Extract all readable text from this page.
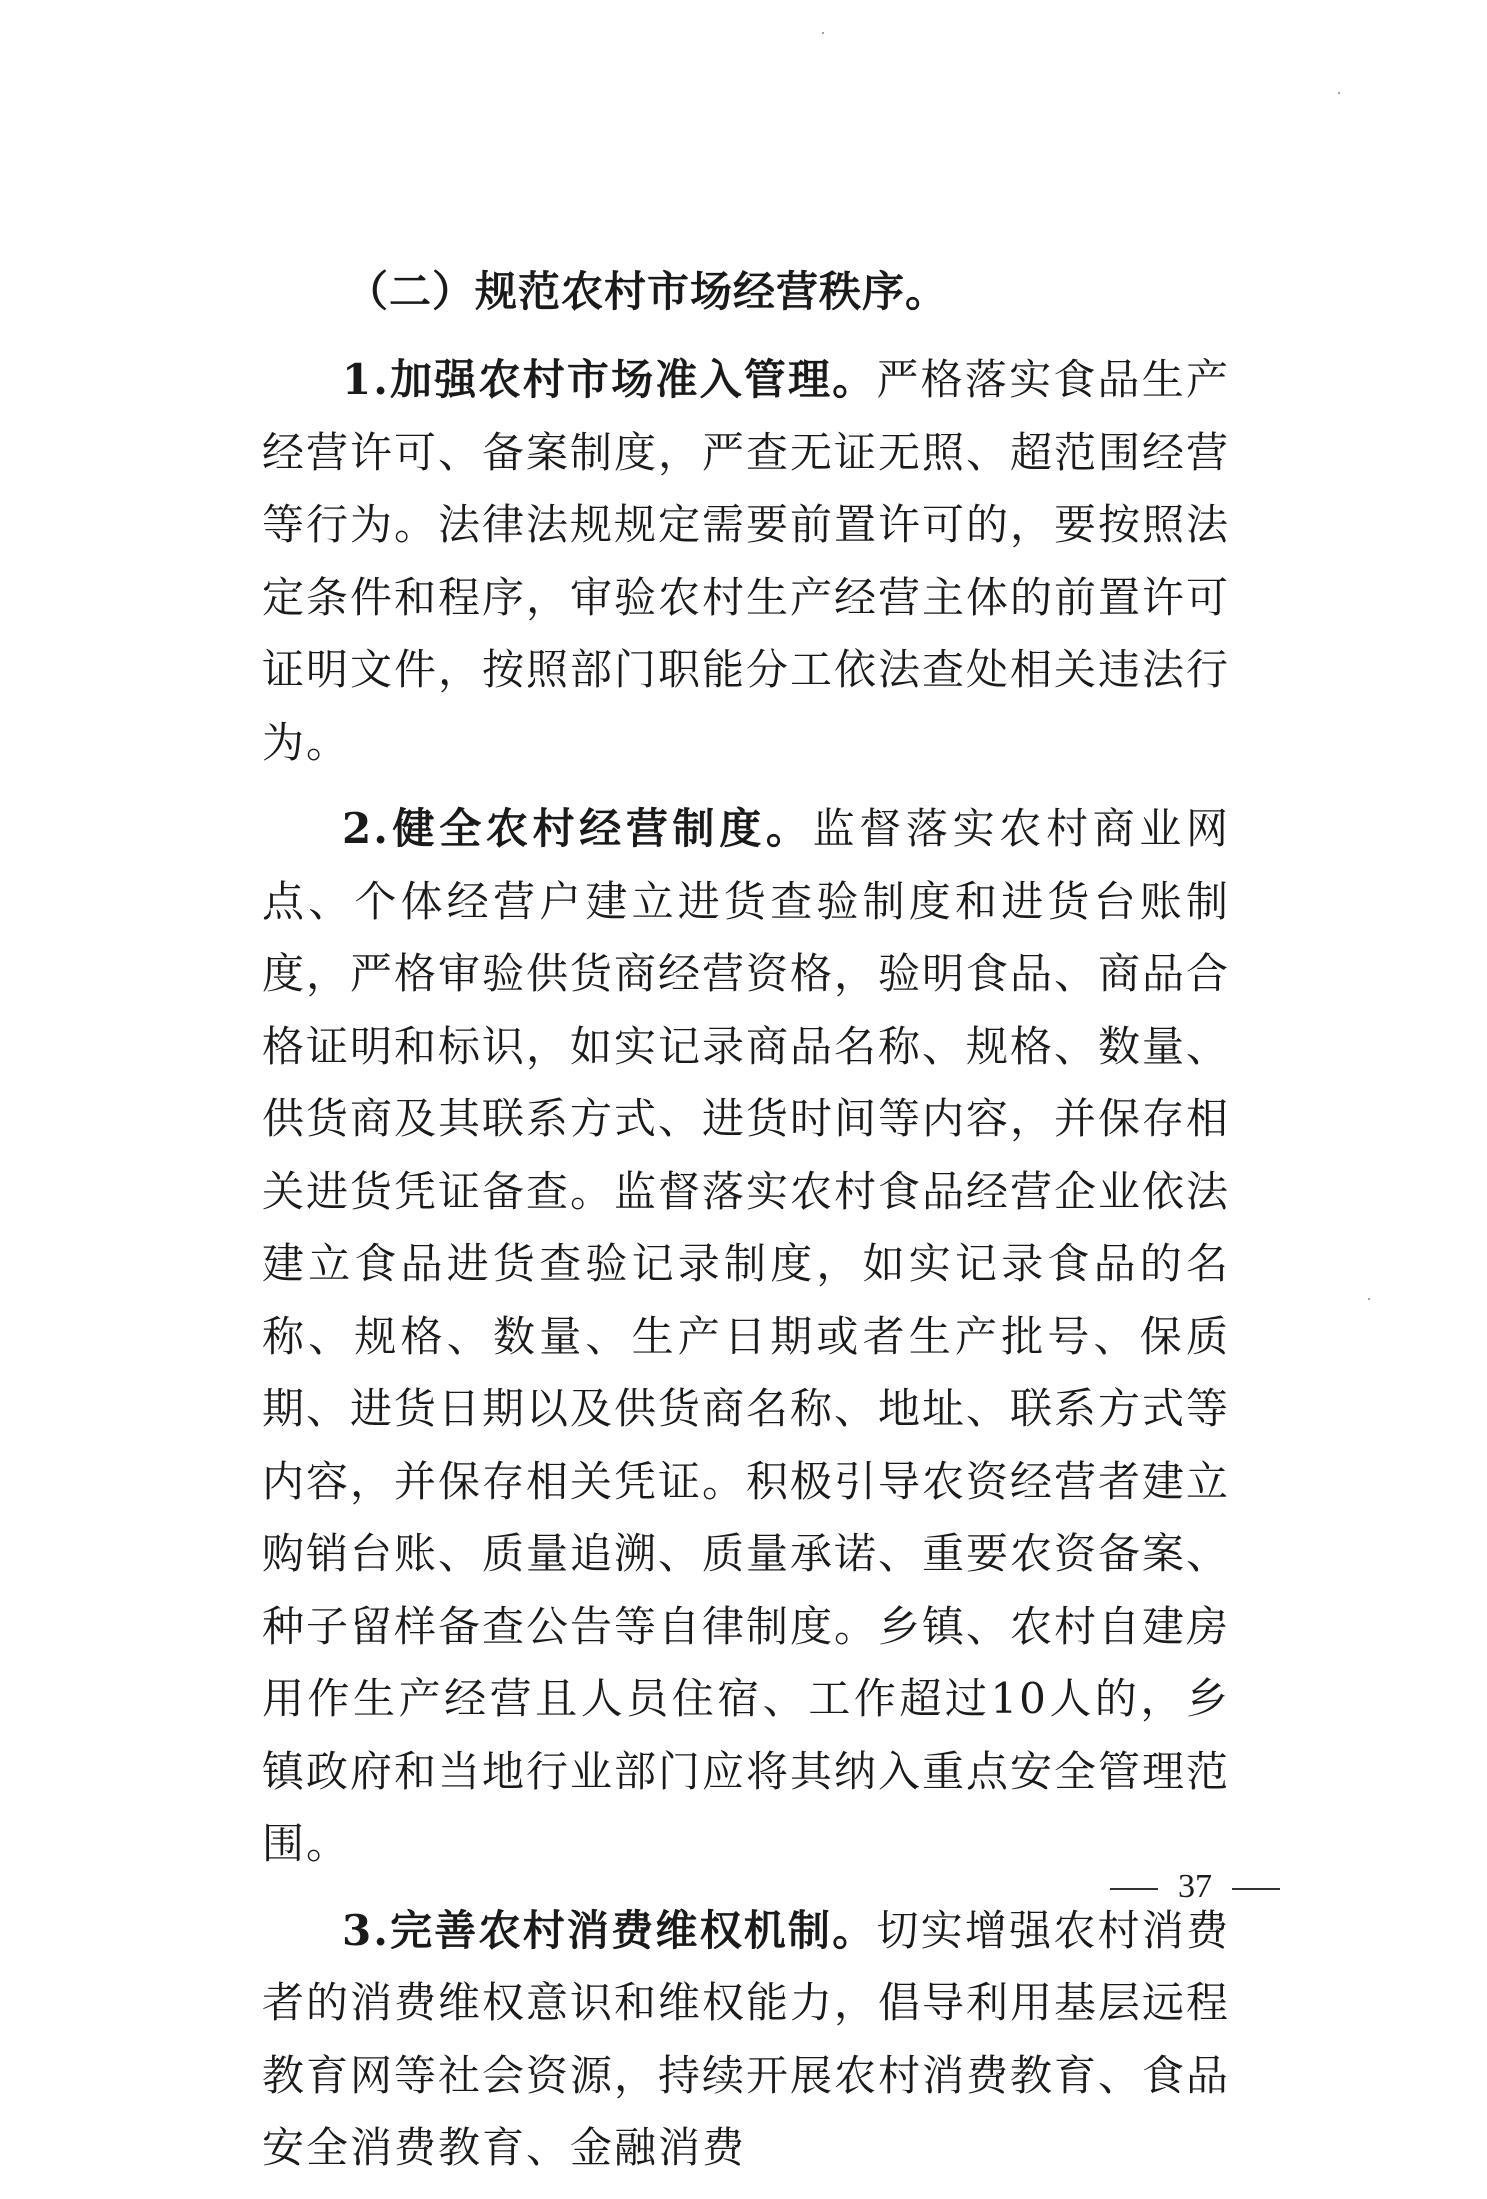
（二）规范农村市场经营秩序。

1.加强农村市场准入管理。严格落实食品生产经营许可、备案制度，严查无证无照、超范围经营等行为。法律法规规定需要前置许可的，要按照法定条件和程序，审验农村生产经营主体的前置许可证明文件，按照部门职能分工依法查处相关违法行为。

2.健全农村经营制度。监督落实农村商业网点、个体经营户建立进货查验制度和进货台账制度，严格审验供货商经营资格，验明食品、商品合格证明和标识，如实记录商品名称、规格、数量、供货商及其联系方式、进货时间等内容，并保存相关进货凭证备查。监督落实农村食品经营企业依法建立食品进货查验记录制度，如实记录食品的名称、规格、数量、生产日期或者生产批号、保质期、进货日期以及供货商名称、地址、联系方式等内容，并保存相关凭证。积极引导农资经营者建立购销台账、质量追溯、质量承诺、重要农资备案、种子留样备查公告等自律制度。乡镇、农村自建房用作生产经营且人员住宿、工作超过10人的，乡镇政府和当地行业部门应将其纳入重点安全管理范围。

3.完善农村消费维权机制。切实增强农村消费者的消费维权意识和维权能力，倡导利用基层远程教育网等社会资源，持续开展农村消费教育、食品安全消费教育、金融消费

37
